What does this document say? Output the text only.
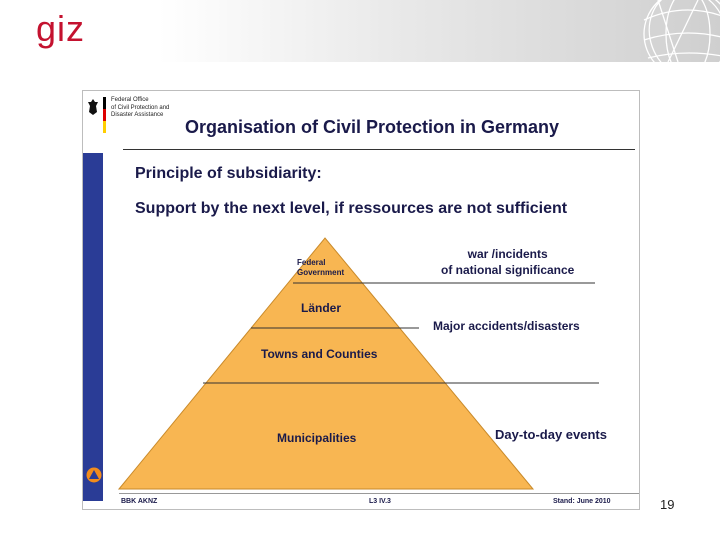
giz
Federal Office
of Civil Protection and
Disaster Assistance
Organisation of Civil Protection in Germany
Principle of subsidiarity:
Support by the next level, if ressources are not sufficient
Federal
Government
Länder
Towns and Counties
Municipalities
war /incidents
of national significance
Major accidents/disasters
Day-to-day events
BBK AKNZ	L3 IV.3	Stand: June 2010	19
